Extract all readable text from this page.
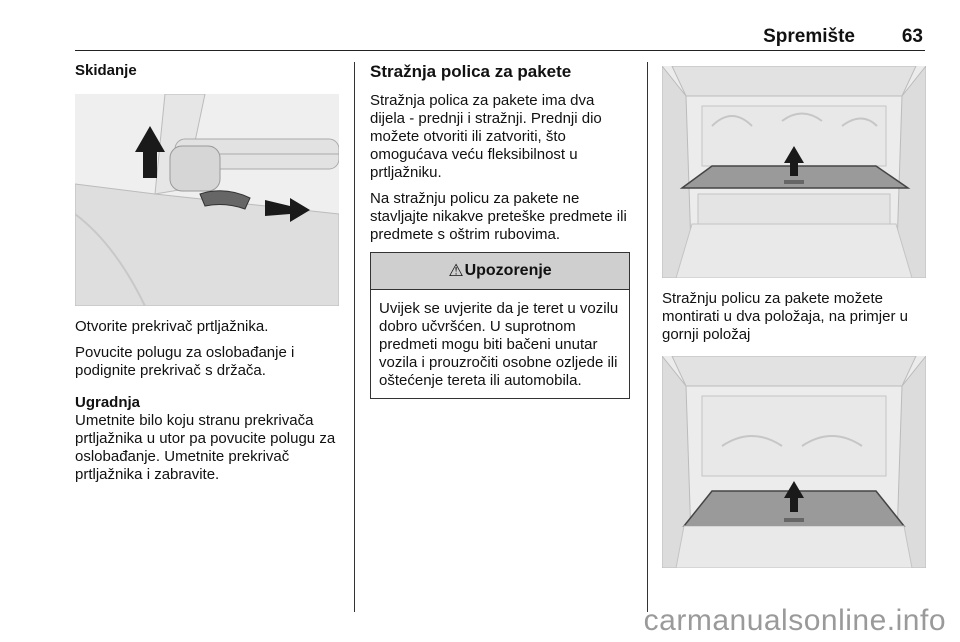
Spremište 63

Skidanje

Otvorite prekrivač prtljažnika.

Povucite polugu za oslobađanje i podignite prekrivač s držača.

Ugradnja

Umetnite bilo koju stranu prekrivača prtljažnika u utor pa povucite polugu za oslobađanje. Umetnite prekrivač prtljažnika i zabravite.

Stražnja polica za pakete

Stražnja polica za pakete ima dva dijela - prednji i stražnji. Prednji dio možete otvoriti ili zatvoriti, što omogućava veću fleksibilnost u prtljažniku.

Na stražnju policu za pakete ne stavljajte nikakve preteške predmete ili predmete s oštrim rubovima.

⚠ Upozorenje
Uvijek se uvjerite da je teret u vozilu dobro učvršćen. U suprotnom predmeti mogu biti bačeni unutar vozila i prouzročiti osobne ozljede ili oštećenje tereta ili automobila.

Stražnju policu za pakete možete montirati u dva položaja, na primjer u gornji položaj

carmanualsonline.info
